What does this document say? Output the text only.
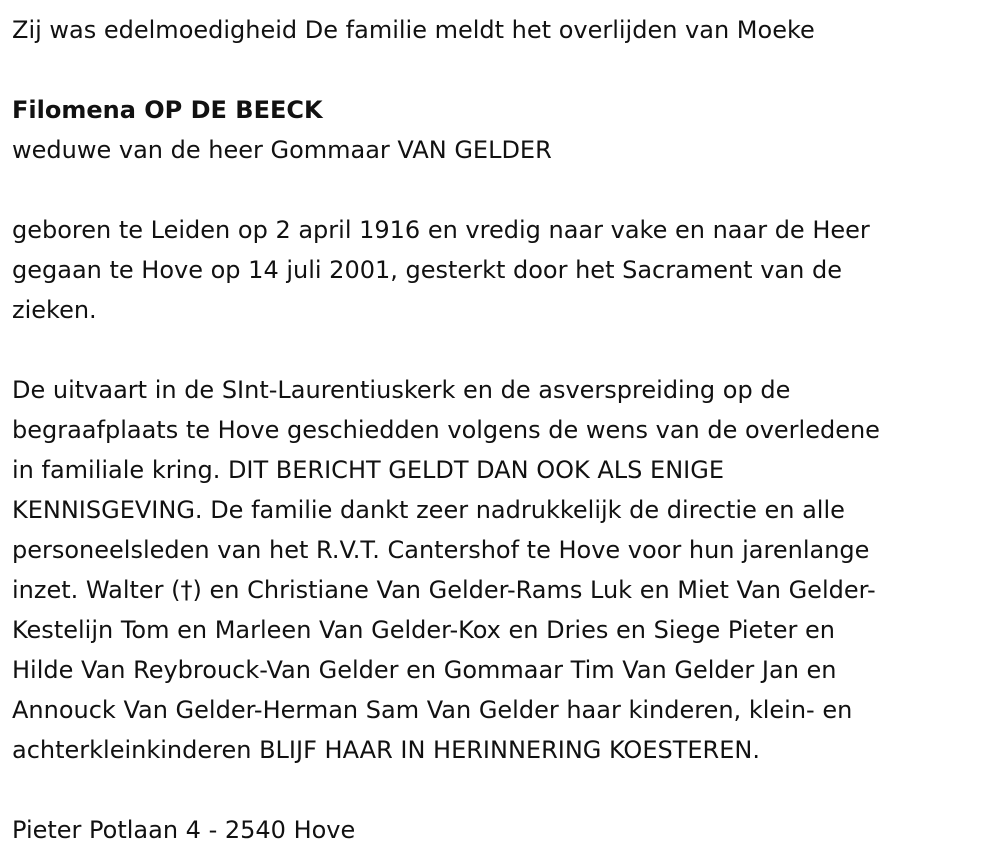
Zij was edelmoedigheid De familie meldt het overlijden van Moeke

Filomena OP DE BEECK

weduwe van de heer Gommaar VAN GELDER

geboren te Leiden op 2 april 1916 en vredig naar vake en naar de Heer

gegaan te Hove op 14 juli 2001, gesterkt door het Sacrament van de

zieken.

De uitvaart in de SInt-Laurentiuskerk en de asverspreiding op de

begraafplaats te Hove geschiedden volgens de wens van de overledene

in familiale kring. DIT BERICHT GELDT DAN OOK ALS ENIGE

KENNISGEVING. De familie dankt zeer nadrukkelijk de directie en alle

personeelsleden van het R.V.T. Cantershof te Hove voor hun jarenlange

inzet. Walter (†) en Christiane Van Gelder-Rams Luk en Miet Van Gelder-

Kestelijn Tom en Marleen Van Gelder-Kox en Dries en Siege Pieter en

Hilde Van Reybrouck-Van Gelder en Gommaar Tim Van Gelder Jan en

Annouck Van Gelder-Herman Sam Van Gelder haar kinderen, klein- en

achterkleinkinderen BLIJF HAAR IN HERINNERING KOESTEREN.

Pieter Potlaan 4 - 2540 Hove
